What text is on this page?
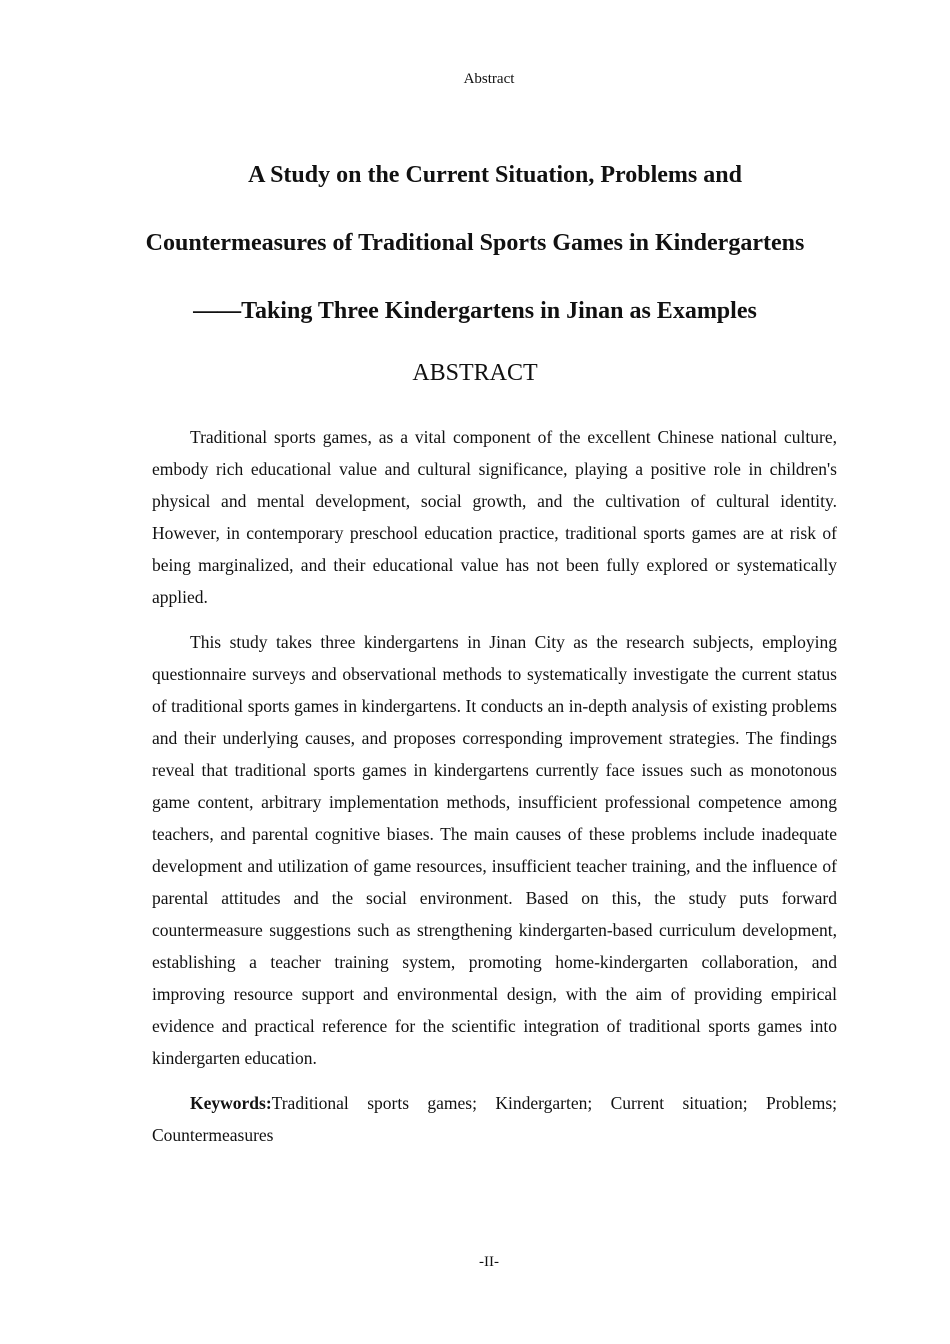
Abstract

A Study on the Current Situation, Problems and

Countermeasures of Traditional Sports Games in Kindergartens

——Taking Three Kindergartens in Jinan as Examples

ABSTRACT

Traditional sports games, as a vital component of the excellent Chinese national culture, embody rich educational value and cultural significance, playing a positive role in children's physical and mental development, social growth, and the cultivation of cultural identity. However, in contemporary preschool education practice, traditional sports games are at risk of being marginalized, and their educational value has not been fully explored or systematically applied.

This study takes three kindergartens in Jinan City as the research subjects, employing questionnaire surveys and observational methods to systematically investigate the current status of traditional sports games in kindergartens. It conducts an in-depth analysis of existing problems and their underlying causes, and proposes corresponding improvement strategies. The findings reveal that traditional sports games in kindergartens currently face issues such as monotonous game content, arbitrary implementation methods, insufficient professional competence among teachers, and parental cognitive biases. The main causes of these problems include inadequate development and utilization of game resources, insufficient teacher training, and the influence of parental attitudes and the social environment. Based on this, the study puts forward countermeasure suggestions such as strengthening kindergarten-based curriculum development, establishing a teacher training system, promoting home-kindergarten collaboration, and improving resource support and environmental design, with the aim of providing empirical evidence and practical reference for the scientific integration of traditional sports games into kindergarten education.

Keywords:Traditional sports games; Kindergarten; Current situation; Problems; Countermeasures

-II-
